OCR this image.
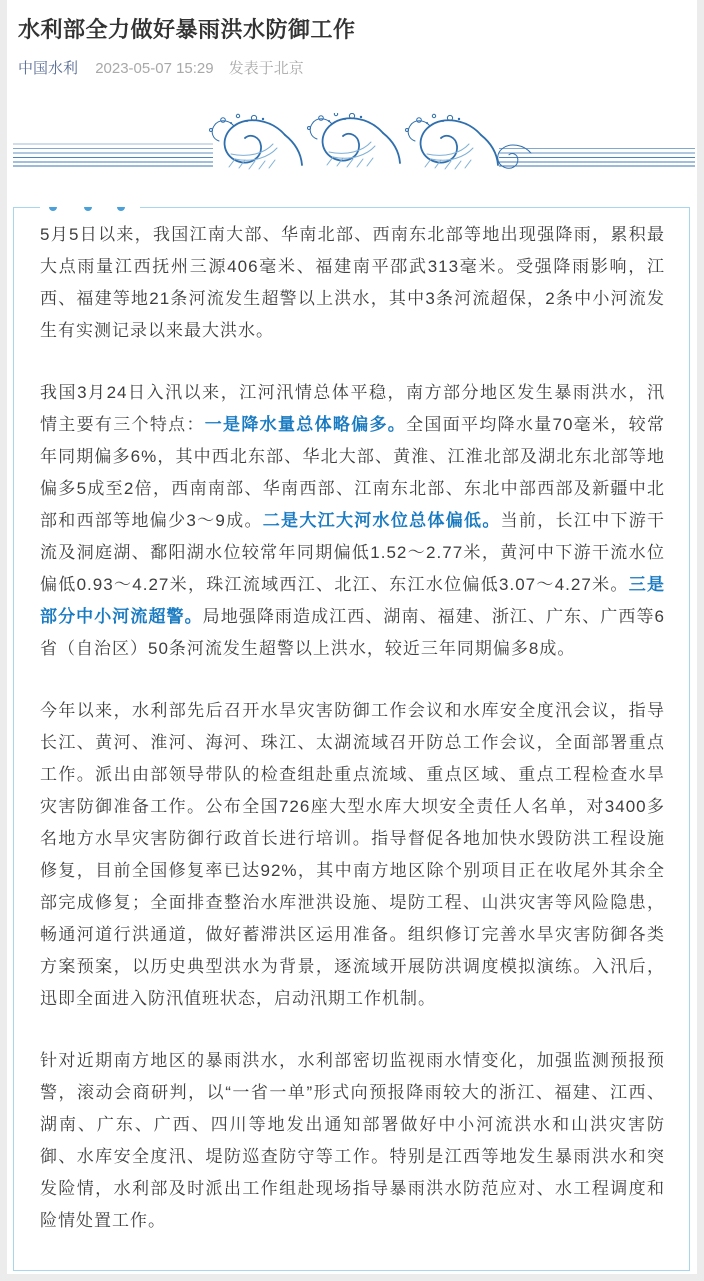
水利部全力做好暴雨洪水防御工作
中国水利 2023-05-07 15:29 发表于北京

5月5日以来，我国江南大部、华南北部、西南东北部等地出现强降雨，累积最大点雨量江西抚州三源406毫米、福建南平邵武313毫米。受强降雨影响，江西、福建等地21条河流发生超警以上洪水，其中3条河流超保，2条中小河流发生有实测记录以来最大洪水。

我国3月24日入汛以来，江河汛情总体平稳，南方部分地区发生暴雨洪水，汛情主要有三个特点：一是降水量总体略偏多。全国面平均降水量70毫米，较常年同期偏多6%，其中西北东部、华北大部、黄淮、江淮北部及湖北东北部等地偏多5成至2倍，西南南部、华南西部、江南东北部、东北中部西部及新疆中北部和西部等地偏少3～9成。二是大江大河水位总体偏低。当前，长江中下游干流及洞庭湖、鄱阳湖水位较常年同期偏低1.52～2.77米，黄河中下游干流水位偏低0.93～4.27米，珠江流域西江、北江、东江水位偏低3.07～4.27米。三是部分中小河流超警。局地强降雨造成江西、湖南、福建、浙江、广东、广西等6省（自治区）50条河流发生超警以上洪水，较近三年同期偏多8成。

今年以来，水利部先后召开水旱灾害防御工作会议和水库安全度汛会议，指导长江、黄河、淮河、海河、珠江、太湖流域召开防总工作会议，全面部署重点工作。派出由部领导带队的检查组赴重点流域、重点区域、重点工程检查水旱灾害防御准备工作。公布全国726座大型水库大坝安全责任人名单，对3400多名地方水旱灾害防御行政首长进行培训。指导督促各地加快水毁防洪工程设施修复，目前全国修复率已达92%，其中南方地区除个别项目正在收尾外其余全部完成修复；全面排查整治水库泄洪设施、堤防工程、山洪灾害等风险隐患，畅通河道行洪通道，做好蓄滞洪区运用准备。组织修订完善水旱灾害防御各类方案预案，以历史典型洪水为背景，逐流域开展防洪调度模拟演练。入汛后，迅即全面进入防汛值班状态，启动汛期工作机制。

针对近期南方地区的暴雨洪水，水利部密切监视雨水情变化，加强监测预报预警，滚动会商研判，以“一省一单”形式向预报降雨较大的浙江、福建、江西、湖南、广东、广西、四川等地发出通知部署做好中小河流洪水和山洪灾害防御、水库安全度汛、堤防巡查防守等工作。特别是江西等地发生暴雨洪水和突发险情，水利部及时派出工作组赴现场指导暴雨洪水防范应对、水工程调度和险情处置工作。
